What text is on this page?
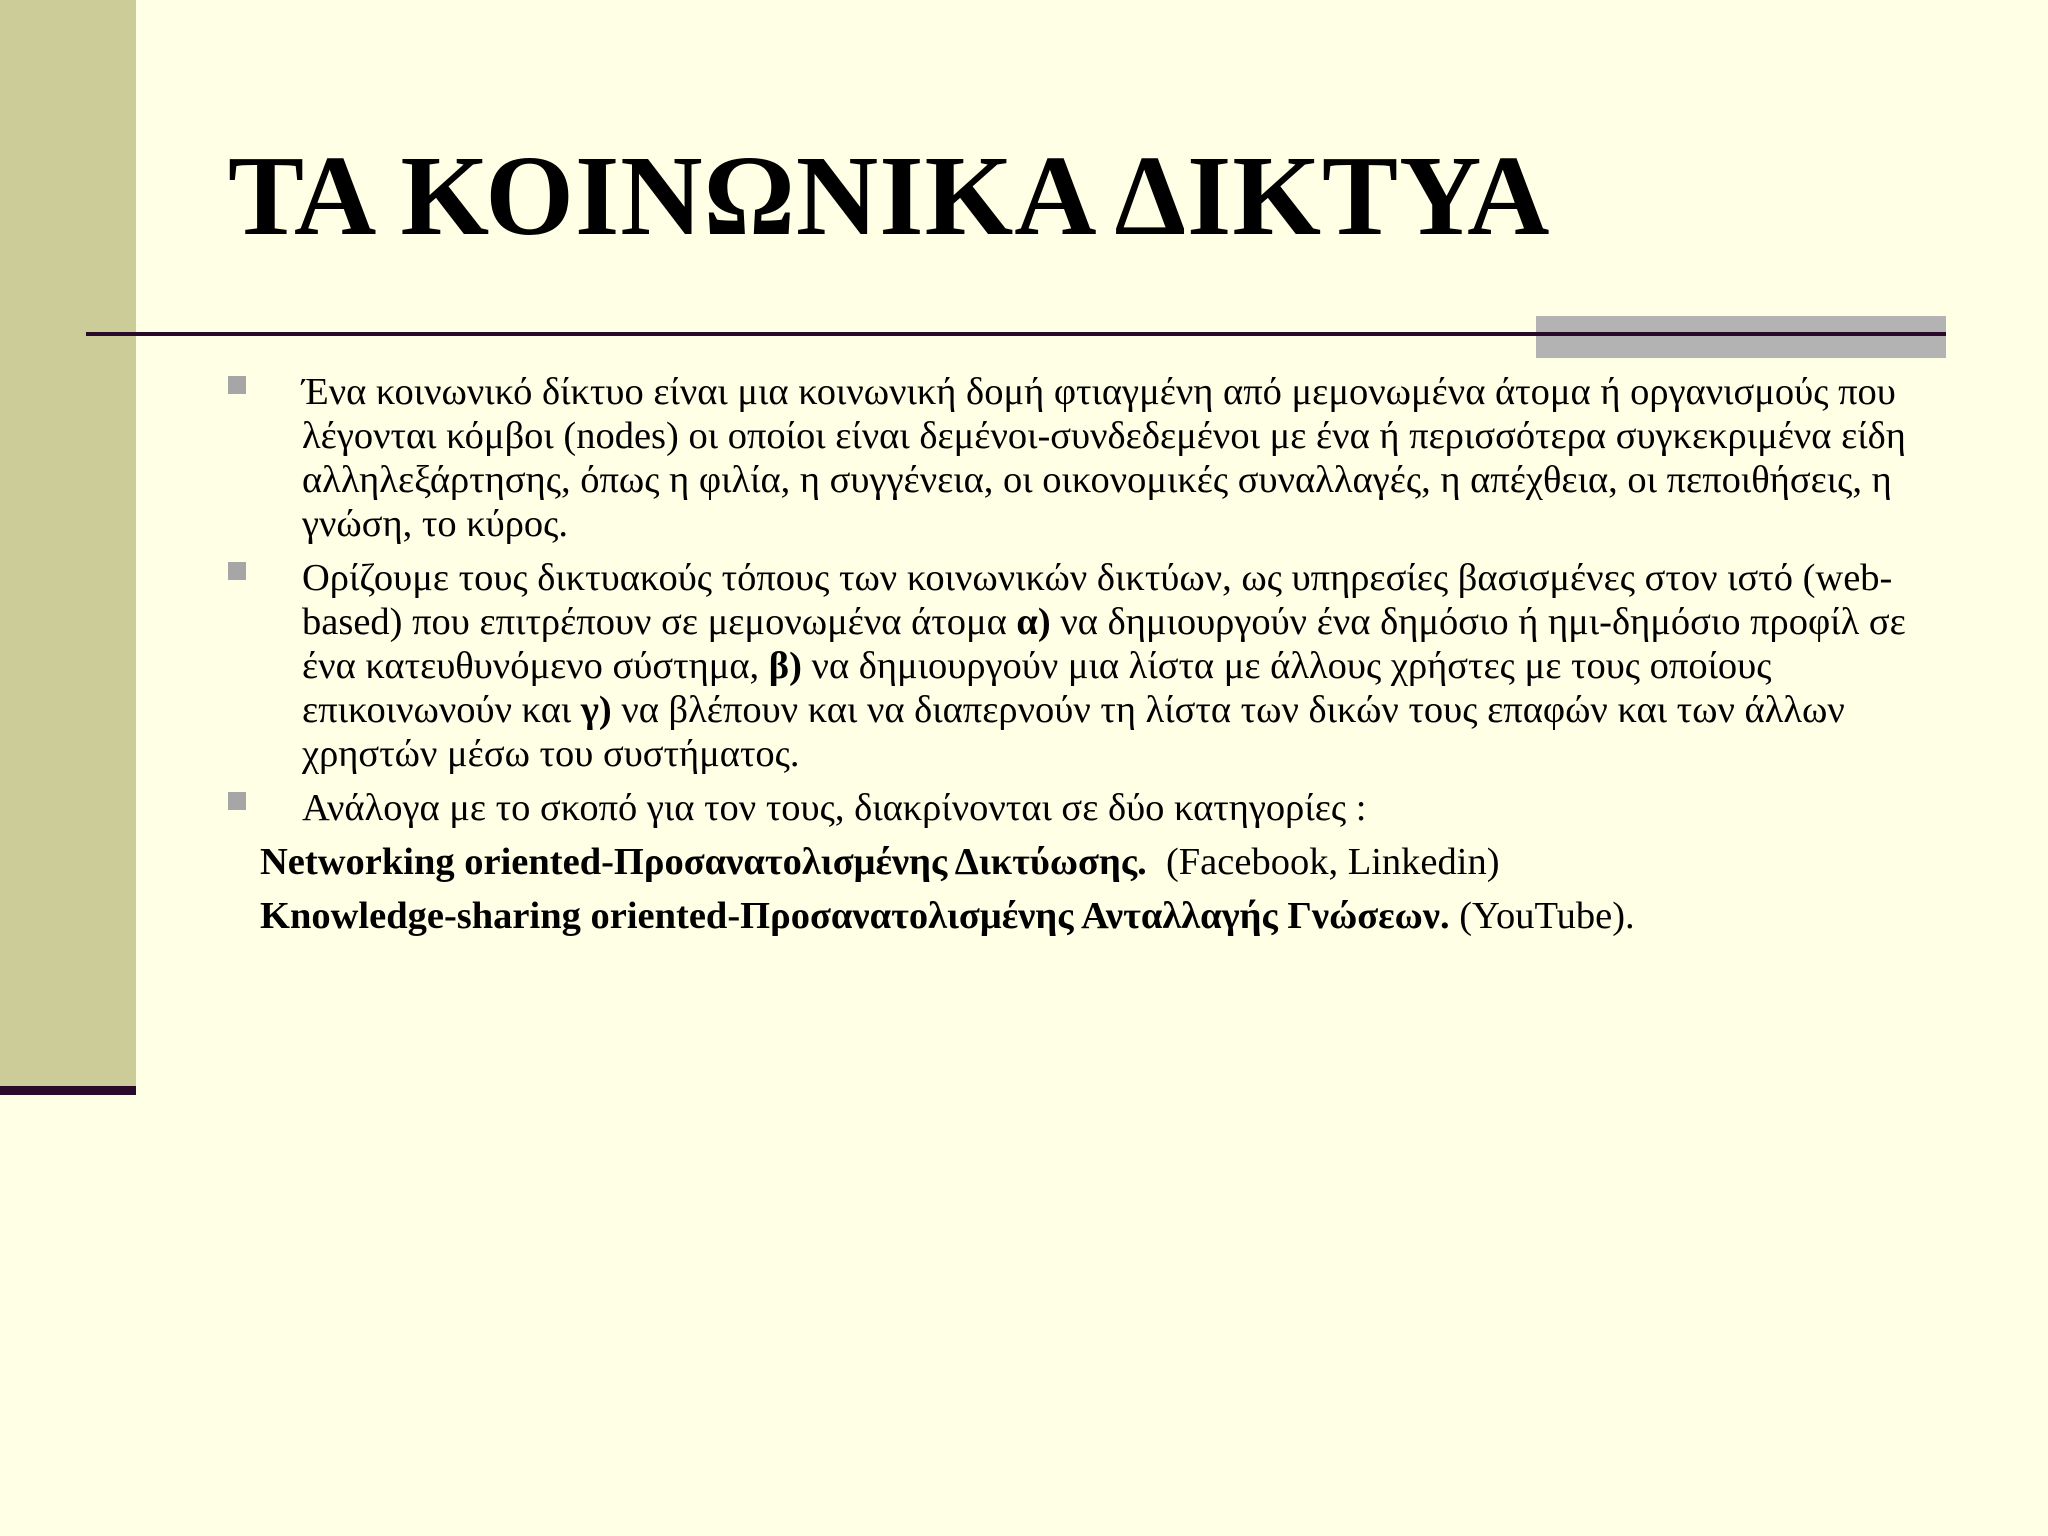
ΤΑ ΚΟΙΝΩΝΙΚΑ ΔΙΚΤΥΑ
Ένα κοινωνικό δίκτυο είναι μια κοινωνική δομή φτιαγμένη από μεμονωμένα άτομα ή οργανισμούς που λέγονται κόμβοι (nodes) οι οποίοι είναι δεμένοι-συνδεδεμένοι με ένα ή περισσότερα συγκεκριμένα είδη αλληλεξάρτησης, όπως η φιλία, η συγγένεια, οι οικονομικές συναλλαγές, η απέχθεια, οι πεποιθήσεις, η γνώση, το κύρος.
Ορίζουμε τους δικτυακούς τόπους των κοινωνικών δικτύων, ως υπηρεσίες βασισμένες στον ιστό (web-based) που επιτρέπουν σε μεμονωμένα άτομα α) να δημιουργούν ένα δημόσιο ή ημι-δημόσιο προφίλ σε ένα κατευθυνόμενο σύστημα, β) να δημιουργούν μια λίστα με άλλους χρήστες με τους οποίους επικοινωνούν και γ) να βλέπουν και να διαπερνούν τη λίστα των δικών τους επαφών και των άλλων χρηστών μέσω του συστήματος.
Ανάλογα με το σκοπό για τον τους, διακρίνονται σε δύο κατηγορίες :
Networking oriented-Προσανατολισμένης Δικτύωσης.  (Facebook, Linkedin)
Knowledge-sharing oriented-Προσανατολισμένης Ανταλλαγής Γνώσεων. (YouTube).
